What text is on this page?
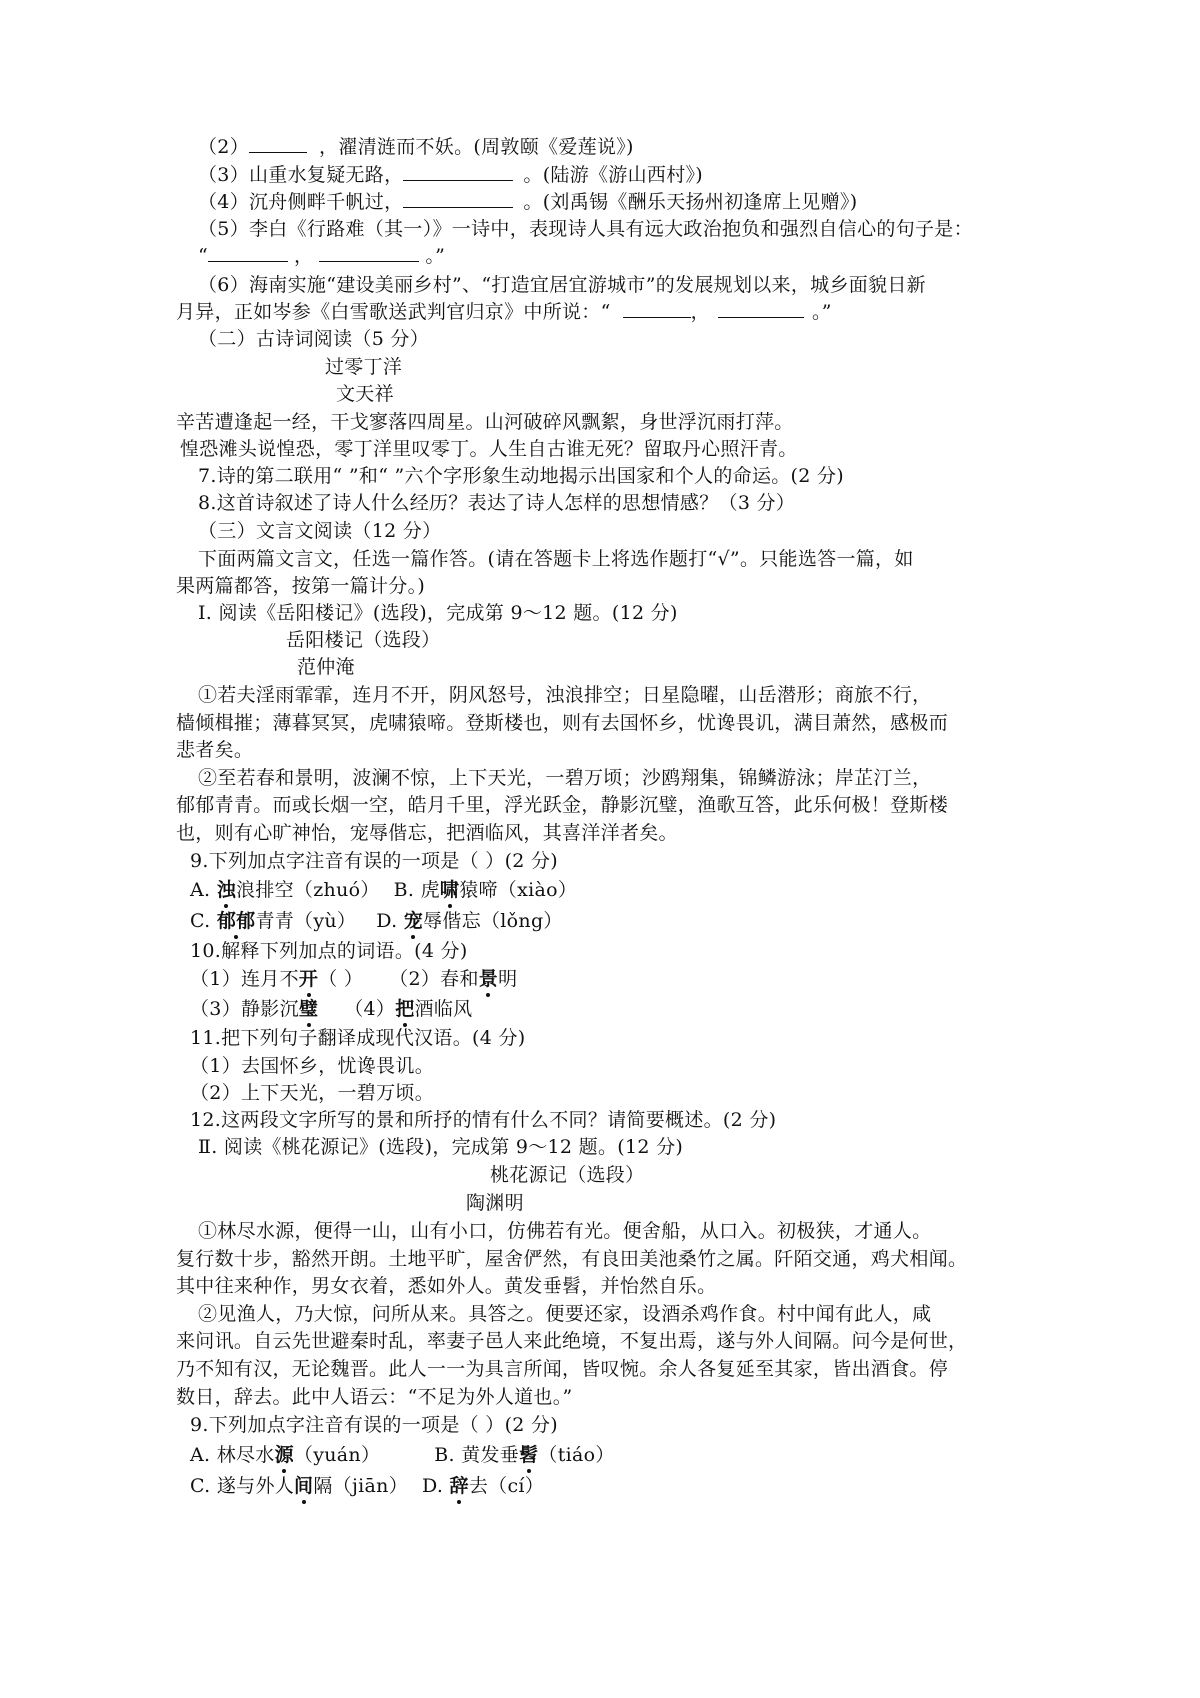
（2）	，濯清涟而不妖。(周敦颐《爱莲说》)
（3）山重水复疑无路，	。(陆游《游山西村》)
（4）沉舟侧畔千帆过，	。(刘禹锡《酬乐天扬州初逢席上见赠》)
（5）李白《行路难（其一）》一诗中，表现诗人具有远大政治抱负和强烈自信心的句子是：
“	，	。”
（6）海南实施“建设美丽乡村”、“打造宜居宜游城市”的发展规划以来，城乡面貌日新
月异，正如岑参《白雪歌送武判官归京》中所说：“	，	。”
（二）古诗词阅读（5 分）
过零丁洋
文天祥
辛苦遭逢起一经，干戈寥落四周星。山河破碎风飘絮，身世浮沉雨打萍。
惶恐滩头说惶恐，零丁洋里叹零丁。人生自古谁无死？留取丹心照汗青。
7.诗的第二联用“ ”和“ ”六个字形象生动地揭示出国家和个人的命运。(2 分)
8.这首诗叙述了诗人什么经历？表达了诗人怎样的思想情感？（3 分）
（三）文言文阅读（12 分）
下面两篇文言文，任选一篇作答。(请在答题卡上将选作题打“√”。只能选答一篇，如
果两篇都答，按第一篇计分。)
Ⅰ. 阅读《岳阳楼记》(选段)，完成第 9～12 题。(12 分)
岳阳楼记（选段）
范仲淹
①若夫淫雨霏霏，连月不开，阴风怒号，浊浪排空；日星隐曜，山岳潜形；商旅不行，
樯倾楫摧；薄暮冥冥，虎啸猿啼。登斯楼也，则有去国怀乡，忧谗畏讥，满目萧然，感极而
悲者矣。
②至若春和景明，波澜不惊，上下天光，一碧万顷；沙鸥翔集，锦鳞游泳；岸芷汀兰，
郁郁青青。而或长烟一空，皓月千里，浮光跃金，静影沉璧，渔歌互答，此乐何极！登斯楼
也，则有心旷神怡，宠辱偕忘，把酒临风，其喜洋洋者矣。
9.下列加点字注音有误的一项是（ ）(2 分)
A. 浊浪排空（zhuó） B. 虎啸猿啼（xiào）
C. 郁郁青青（yù） D. 宠辱偕忘（lǒng）
10.解释下列加点的词语。(4 分)
（1）连月不开（ ） （2）春和景明
（3）静影沉璧 （4）把酒临风
11.把下列句子翻译成现代汉语。(4 分)
（1）去国怀乡，忧谗畏讥。
（2）上下天光，一碧万顷。
12.这两段文字所写的景和所抒的情有什么不同？请简要概述。(2 分)
Ⅱ. 阅读《桃花源记》(选段)，完成第 9～12 题。(12 分)
桃花源记（选段）
陶渊明
①林尽水源，便得一山，山有小口，仿佛若有光。便舍船，从口入。初极狭，才通人。
复行数十步，豁然开朗。土地平旷，屋舍俨然，有良田美池桑竹之属。阡陌交通，鸡犬相闻。
其中往来种作，男女衣着，悉如外人。黄发垂髫，并怡然自乐。
②见渔人，乃大惊，问所从来。具答之。便要还家，设酒杀鸡作食。村中闻有此人，咸
来问讯。自云先世避秦时乱，率妻子邑人来此绝境，不复出焉，遂与外人间隔。问今是何世，
乃不知有汉，无论魏晋。此人一一为具言所闻，皆叹惋。余人各复延至其家，皆出酒食。停
数日，辞去。此中人语云：“不足为外人道也。”
9.下列加点字注音有误的一项是（ ）(2 分)
A. 林尽水源（yuán）	B. 黄发垂髫（tiáo）
C. 遂与外人间隔（jiān） D. 辞去（cí）
